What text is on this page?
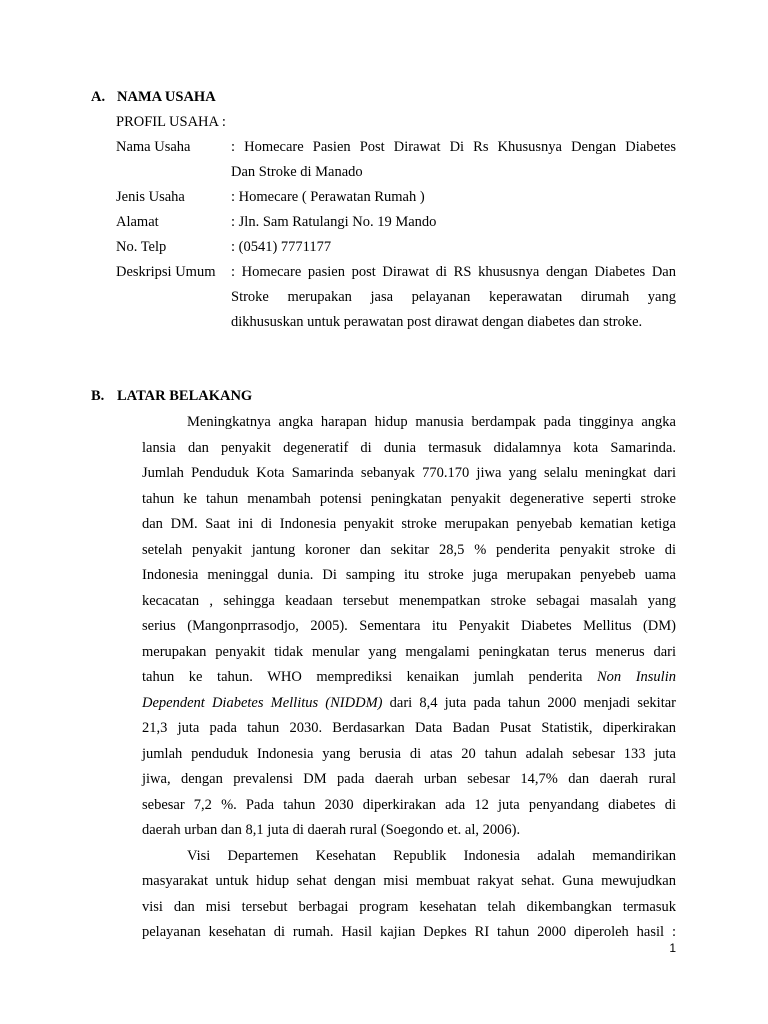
A. NAMA USAHA
PROFIL USAHA :
Nama Usaha	: Homecare Pasien Post Dirawat Di Rs Khususnya Dengan Diabetes
Dan Stroke di Manado
Jenis Usaha	: Homecare ( Perawatan Rumah )
Alamat	: Jln. Sam Ratulangi No. 19 Mando
No. Telp	: (0541) 7771177
Deskripsi Umum : Homecare pasien post Dirawat di RS khususnya dengan Diabetes Dan
Stroke merupakan jasa pelayanan keperawatan dirumah yang
dikhususkan untuk perawatan post dirawat dengan diabetes dan stroke.
B. LATAR BELAKANG
Meningkatnya angka harapan hidup manusia berdampak pada tingginya angka
lansia dan penyakit degeneratif di dunia termasuk didalamnya kota Samarinda.
Jumlah Penduduk Kota Samarinda sebanyak 770.170 jiwa yang selalu meningkat dari
tahun ke tahun menambah potensi peningkatan penyakit degenerative seperti stroke
dan DM. Saat ini di Indonesia penyakit stroke merupakan penyebab kematian ketiga
setelah penyakit jantung koroner dan sekitar 28,5 % penderita penyakit stroke di
Indonesia meninggal dunia. Di samping itu stroke juga merupakan penyebeb uama
kecacatan , sehingga keadaan tersebut menempatkan stroke sebagai masalah yang
serius (Mangonprrasodjo, 2005). Sementara itu Penyakit Diabetes Mellitus (DM)
merupakan penyakit tidak menular yang mengalami peningkatan terus menerus dari
tahun ke tahun. WHO memprediksi kenaikan jumlah penderita Non Insulin
Dependent Diabetes Mellitus (NIDDM) dari 8,4 juta pada tahun 2000 menjadi sekitar
21,3 juta pada tahun 2030. Berdasarkan Data Badan Pusat Statistik, diperkirakan
jumlah penduduk Indonesia yang berusia di atas 20 tahun adalah sebesar 133 juta
jiwa, dengan prevalensi DM pada daerah urban sebesar 14,7% dan daerah rural
sebesar 7,2 %. Pada tahun 2030 diperkirakan ada 12 juta penyandang diabetes di
daerah urban dan 8,1 juta di daerah rural (Soegondo et. al, 2006).
Visi Departemen Kesehatan Republik Indonesia adalah memandirikan
masyarakat untuk hidup sehat dengan misi membuat rakyat sehat. Guna mewujudkan
visi dan misi tersebut berbagai program kesehatan telah dikembangkan termasuk
pelayanan kesehatan di rumah. Hasil kajian Depkes RI tahun 2000 diperoleh hasil :
1
